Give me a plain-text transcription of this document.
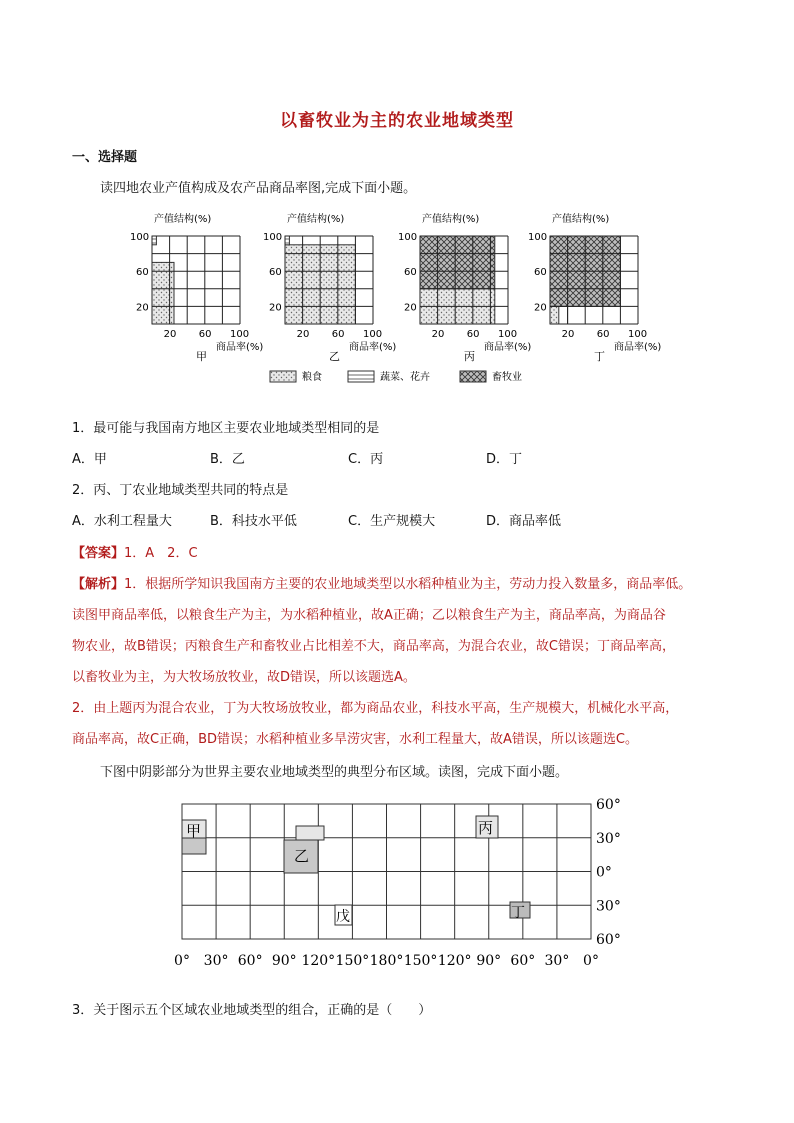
以畜牧业为主的农业地域类型
一、选择题
读四地农业产值构成及农产品商品率图,完成下面小题。
产值结构(%)
100
60
20
20 60 100
商品率(%)
甲
产值结构(%)
100
60
20
20 60 100
商品率(%)
乙
产值结构(%)
100
60
20
20 60 100
商品率(%)
丙
产值结构(%)
100
60
20
20 60 100
商品率(%)
丁
粮食	蔬菜、花卉	畜牧业
1．最可能与我国南方地区主要农业地域类型相同的是
A．甲	B．乙	C．丙	D．丁
2．丙、丁农业地域类型共同的特点是
A．水利工程量大	B．科技水平低	C．生产规模大	D．商品率低
【答案】1．A　2．C
【解析】1．根据所学知识我国南方主要的农业地域类型以水稻种植业为主，劳动力投入数量多，商品率低。
读图甲商品率低，以粮食生产为主，为水稻种植业，故A正确；乙以粮食生产为主，商品率高，为商品谷
物农业，故B错误；丙粮食生产和畜牧业占比相差不大，商品率高，为混合农业，故C错误；丁商品率高，
以畜牧业为主，为大牧场放牧业，故D错误，所以该题选A。
2．由上题丙为混合农业，丁为大牧场放牧业，都为商品农业，科技水平高，生产规模大，机械化水平高，
商品率高，故C正确，BD错误；水稻种植业多旱涝灾害，水利工程量大，故A错误，所以该题选C。
下图中阴影部分为世界主要农业地域类型的典型分布区域。读图，完成下面小题。
甲
乙
丙
丁
戊
60°
30°
0°
30°
60°
0° 30° 60° 90° 120° 150° 180° 150° 120° 90° 60° 30° 0°
3．关于图示五个区域农业地域类型的组合，正确的是（　　）
